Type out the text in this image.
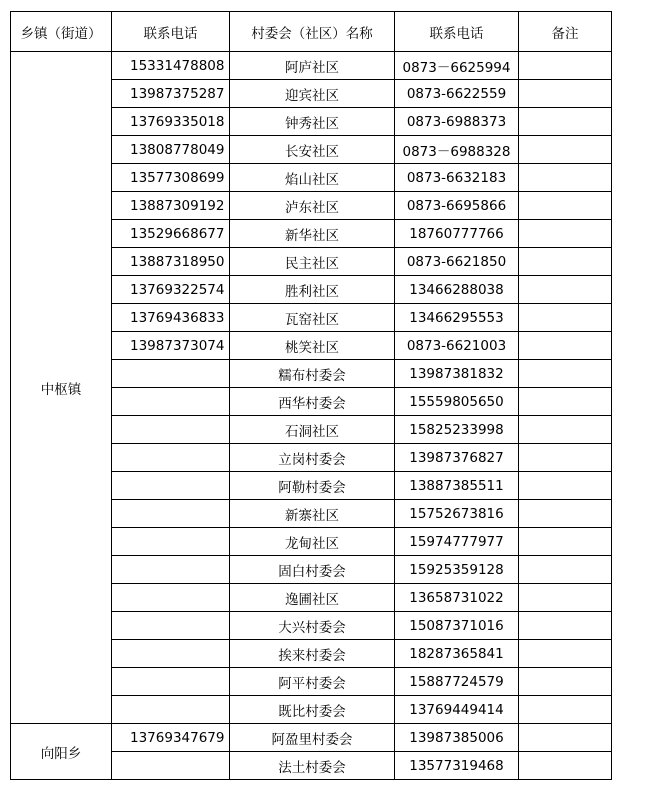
乡镇（街道）	联系电话	村委会（社区）名称	联系电话	备注
中枢镇	15331478808	阿庐社区	0873－6625994	
	13987375287	迎宾社区	0873-6622559	
	13769335018	钟秀社区	0873-6988373	
	13808778049	长安社区	0873－6988328	
	13577308699	焰山社区	0873-6632183	
	13887309192	泸东社区	0873-6695866	
	13529668677	新华社区	18760777766	
	13887318950	民主社区	0873-6621850	
	13769322574	胜利社区	13466288038	
	13769436833	瓦窑社区	13466295553	
	13987373074	桃笑社区	0873-6621003	
		糯布村委会	13987381832	
		西华村委会	15559805650	
		石洞社区	15825233998	
		立岗村委会	13987376827	
		阿勒村委会	13887385511	
		新寨社区	15752673816	
		龙甸社区	15974777977	
		固白村委会	15925359128	
		逸圃社区	13658731022	
		大兴村委会	15087371016	
		挨来村委会	18287365841	
		阿平村委会	15887724579	
		既比村委会	13769449414	
向阳乡	13769347679	阿盈里村委会	13987385006	
		法土村委会	13577319468	
